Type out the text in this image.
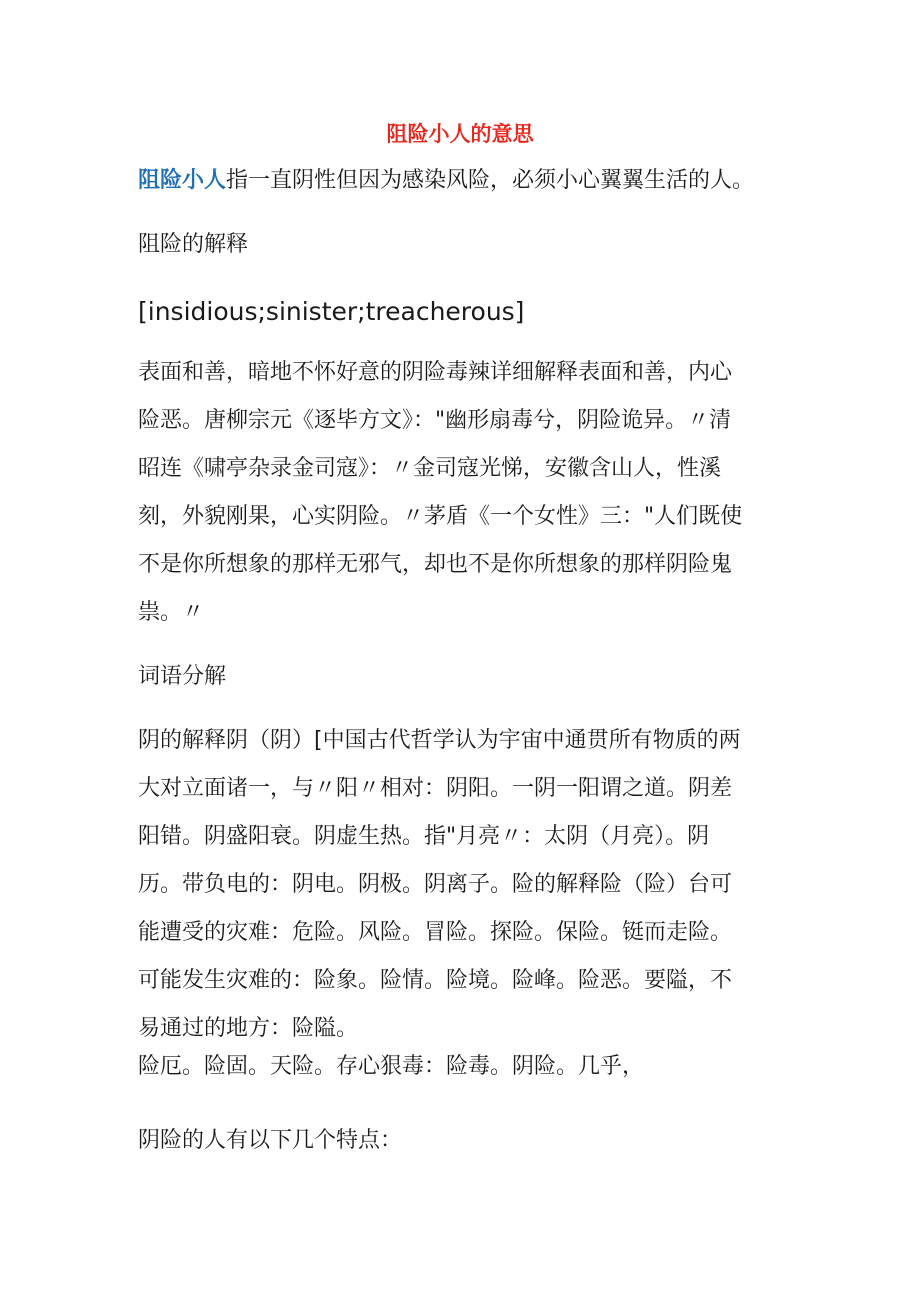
阻险小人的意思
阻险小人指一直阴性但因为感染风险，必须小心翼翼生活的人。
阻险的解释
[insidious;sinister;treacherous]
表面和善，暗地不怀好意的阴险毒辣详细解释表面和善，内心
险恶。唐柳宗元《逐毕方文》："幽形扇毒兮，阴险诡异。〃清
昭连《啸亭杂录金司寇》：〃金司寇光悌，安徽含山人，性溪
刻，外貌刚果，心实阴险。〃茅盾《一个女性》三："人们既使
不是你所想象的那样无邪气，却也不是你所想象的那样阴险鬼
祟。〃
词语分解
阴的解释阴（阴）[中国古代哲学认为宇宙中通贯所有物质的两
大对立面诸一，与〃阳〃相对：阴阳。一阴一阳谓之道。阴差
阳错。阴盛阳衰。阴虚生热。指"月亮〃：太阴（月亮）。阴
历。带负电的：阴电。阴极。阴离子。险的解释险（险）台可
能遭受的灾难：危险。风险。冒险。探险。保险。铤而走险。
可能发生灾难的：险象。险情。险境。险峰。险恶。要隘，不
易通过的地方：险隘。
险厄。险固。天险。存心狠毒：险毒。阴险。几乎，
阴险的人有以下几个特点：
